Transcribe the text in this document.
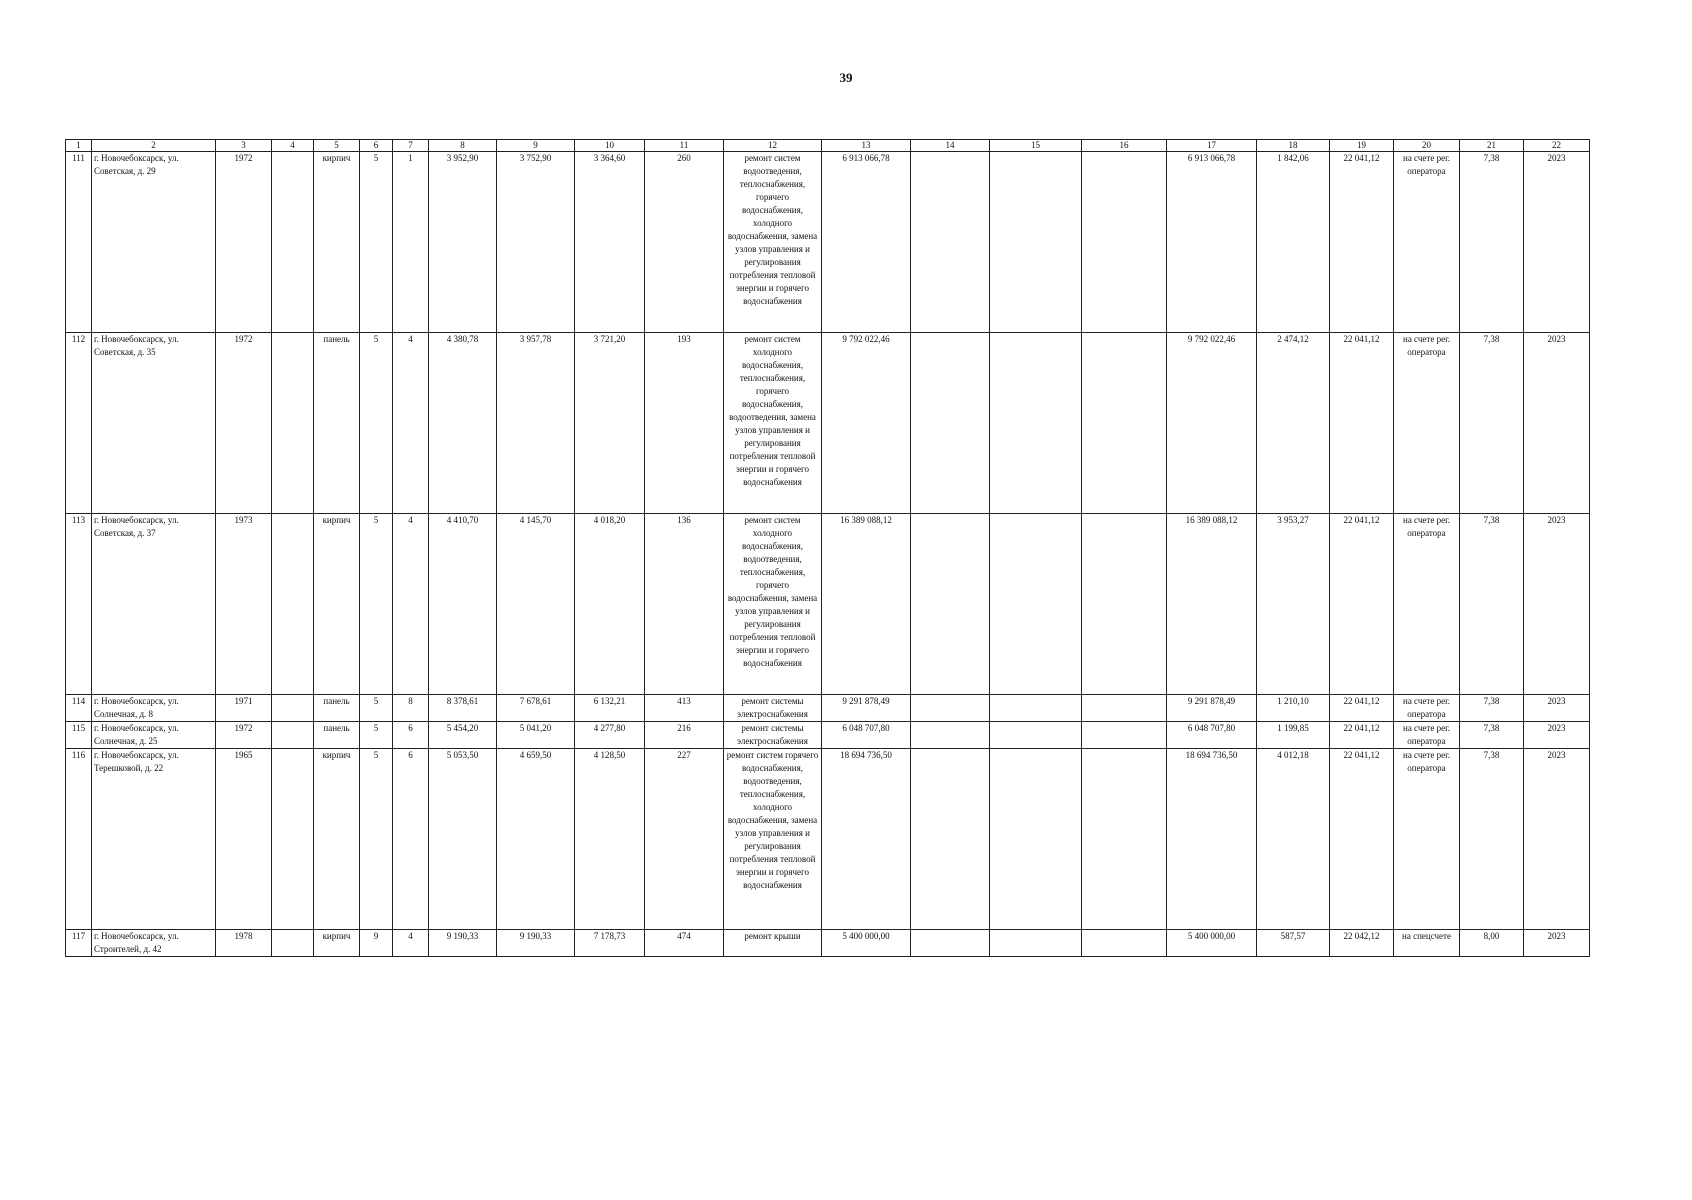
39
1	2	3	4	5	6	7	8	9	10	11	12	13	14	15	16	17	18	19	20	21	22
111	г. Новочебоксарск, ул. Советская, д. 29	1972		кирпич	5	1	3 952,90	3 752,90	3 364,60	260	ремонт систем водоотведения, теплоснабжения, горячего водоснабжения, холодного водоснабжения, замена узлов управления и регулирования потребления тепловой энергии и горячего водоснабжения	6 913 066,78				6 913 066,78	1 842,06	22 041,12	на счете рег. оператора	7,38	2023
112	г. Новочебоксарск, ул. Советская, д. 35	1972		панель	5	4	4 380,78	3 957,78	3 721,20	193	ремонт систем холодного водоснабжения, теплоснабжения, горячего водоснабжения, водоотведения, замена узлов управления и регулирования потребления тепловой энергии и горячего водоснабжения	9 792 022,46				9 792 022,46	2 474,12	22 041,12	на счете рег. оператора	7,38	2023
113	г. Новочебоксарск, ул. Советская, д. 37	1973		кирпич	5	4	4 410,70	4 145,70	4 018,20	136	ремонт систем холодного водоснабжения, водоотведения, теплоснабжения, горячего водоснабжения, замена узлов управления и регулирования потребления тепловой энергии и горячего водоснабжения	16 389 088,12				16 389 088,12	3 953,27	22 041,12	на счете рег. оператора	7,38	2023
114	г. Новочебоксарск, ул. Солнечная, д. 8	1971		панель	5	8	8 378,61	7 678,61	6 132,21	413	ремонт системы электроснабжения	9 291 878,49				9 291 878,49	1 210,10	22 041,12	на счете рег. оператора	7,38	2023
115	г. Новочебоксарск, ул. Солнечная, д. 25	1972		панель	5	6	5 454,20	5 041,20	4 277,80	216	ремонт системы электроснабжения	6 048 707,80				6 048 707,80	1 199,85	22 041,12	на счете рег. оператора	7,38	2023
116	г. Новочебоксарск, ул. Терешковой, д. 22	1965		кирпич	5	6	5 053,50	4 659,50	4 128,50	227	ремонт систем горячего водоснабжения, водоотведения, теплоснабжения, холодного водоснабжения, замена узлов управления и регулирования потребления тепловой энергии и горячего водоснабжения	18 694 736,50				18 694 736,50	4 012,18	22 041,12	на счете рег. оператора	7,38	2023
117	г. Новочебоксарск, ул. Строителей, д. 42	1978		кирпич	9	4	9 190,33	9 190,33	7 178,73	474	ремонт крыши	5 400 000,00				5 400 000,00	587,57	22 042,12	на спецсчете	8,00	2023
